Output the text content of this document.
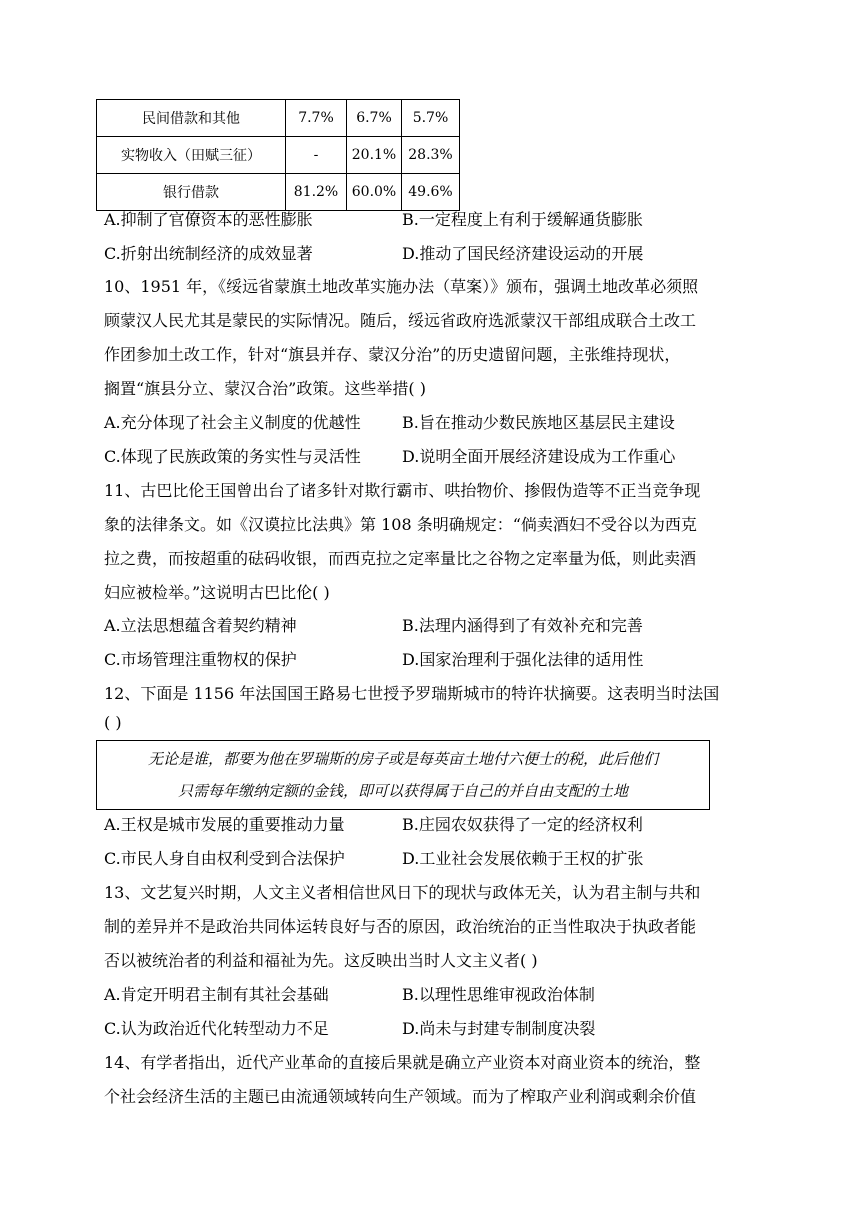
民间借款和其他	7.7%	6.7%	5.7%
实物收入（田赋三征）	-	20.1%	28.3%
银行借款	81.2%	60.0%	49.6%
A.抑制了官僚资本的恶性膨胀	B.一定程度上有利于缓解通货膨胀
C.折射出统制经济的成效显著	D.推动了国民经济建设运动的开展
10、1951 年，《绥远省蒙旗土地改革实施办法（草案）》颁布，强调土地改革必须照
顾蒙汉人民尤其是蒙民的实际情况。随后，绥远省政府选派蒙汉干部组成联合土改工
作团参加土改工作，针对“旗县并存、蒙汉分治”的历史遗留问题，主张维持现状，
搁置“旗县分立、蒙汉合治”政策。这些举措( )
A.充分体现了社会主义制度的优越性	B.旨在推动少数民族地区基层民主建设
C.体现了民族政策的务实性与灵活性	D.说明全面开展经济建设成为工作重心
11、古巴比伦王国曾出台了诸多针对欺行霸市、哄抬物价、掺假伪造等不正当竞争现
象的法律条文。如《汉谟拉比法典》第 108 条明确规定：“倘卖酒妇不受谷以为西克
拉之费，而按超重的砝码收银，而西克拉之定率量比之谷物之定率量为低，则此卖酒
妇应被检举。”这说明古巴比伦( )
A.立法思想蕴含着契约精神	B.法理内涵得到了有效补充和完善
C.市场管理注重物权的保护	D.国家治理利于强化法律的适用性
12、下面是 1156 年法国国王路易七世授予罗瑞斯城市的特许状摘要。这表明当时法国
( )
无论是谁，都要为他在罗瑞斯的房子或是每英亩土地付六便士的税，此后他们
只需每年缴纳定额的金钱，即可以获得属于自己的并自由支配的土地
A.王权是城市发展的重要推动力量	B.庄园农奴获得了一定的经济权利
C.市民人身自由权利受到合法保护	D.工业社会发展依赖于王权的扩张
13、文艺复兴时期，人文主义者相信世风日下的现状与政体无关，认为君主制与共和
制的差异并不是政治共同体运转良好与否的原因，政治统治的正当性取决于执政者能
否以被统治者的利益和福祉为先。这反映出当时人文主义者( )
A.肯定开明君主制有其社会基础	B.以理性思维审视政治体制
C.认为政治近代化转型动力不足	D.尚未与封建专制制度决裂
14、有学者指出，近代产业革命的直接后果就是确立产业资本对商业资本的统治，整
个社会经济生活的主题已由流通领域转向生产领域。而为了榨取产业利润或剩余价值
